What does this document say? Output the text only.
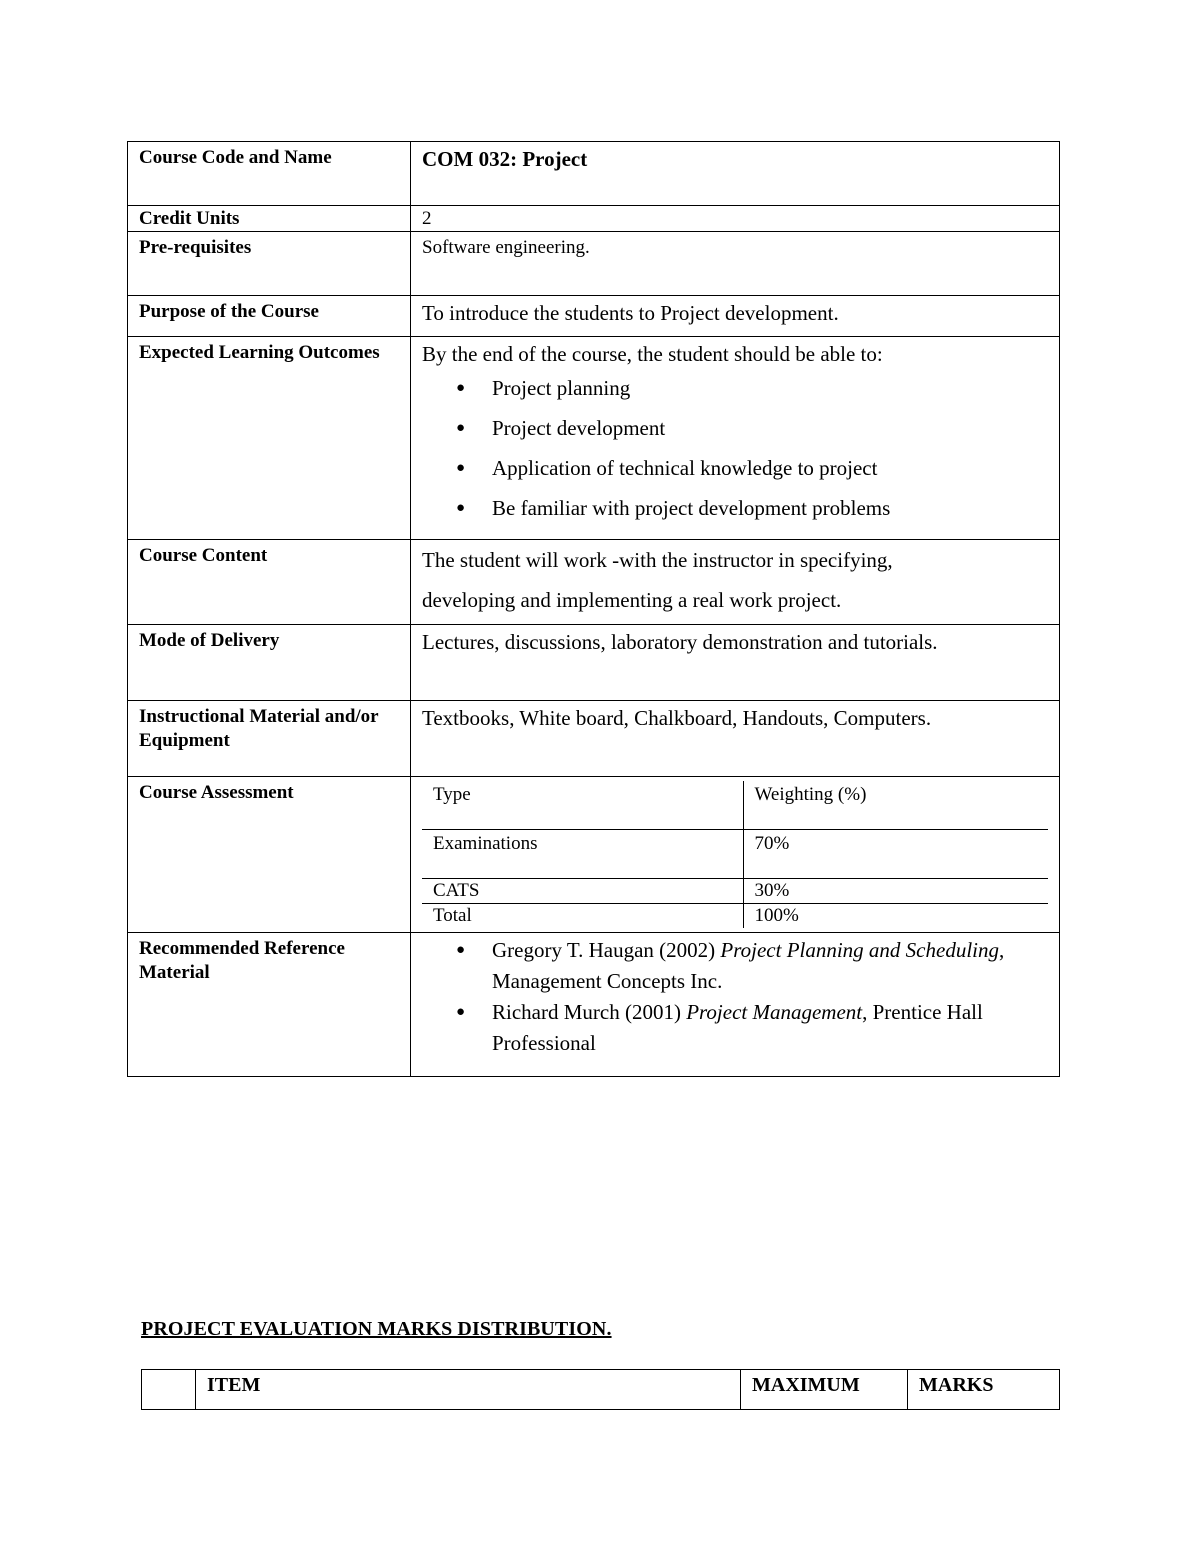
Course Code and Name	COM 032: Project
Credit Units	2
Pre-requisites	Software engineering.
Purpose of the Course	To introduce the students to Project development.
Expected Learning Outcomes	By the end of the course, the student should be able to:
● Project planning
● Project development
● Application of technical knowledge to project
● Be familiar with project development problems

Course Content	The student will work -with the instructor in specifying,

developing and implementing a real work project.

Mode of Delivery	Lectures, discussions, laboratory demonstration and tutorials.
Instructional Material and/or Equipment	Textbooks, White board, Chalkboard, Handouts, Computers.
Course Assessment		Type	Weighting (%)
Examinations	70%
CATS	30%
Total	100%

Recommended Reference Material	
● Gregory T. Haugan (2002) Project Planning and Scheduling, Management Concepts Inc.
● Richard Murch (2001) Project Management, Prentice Hall Professional
PROJECT EVALUATION MARKS DISTRIBUTION.
	ITEM	MAXIMUM	MARKS
